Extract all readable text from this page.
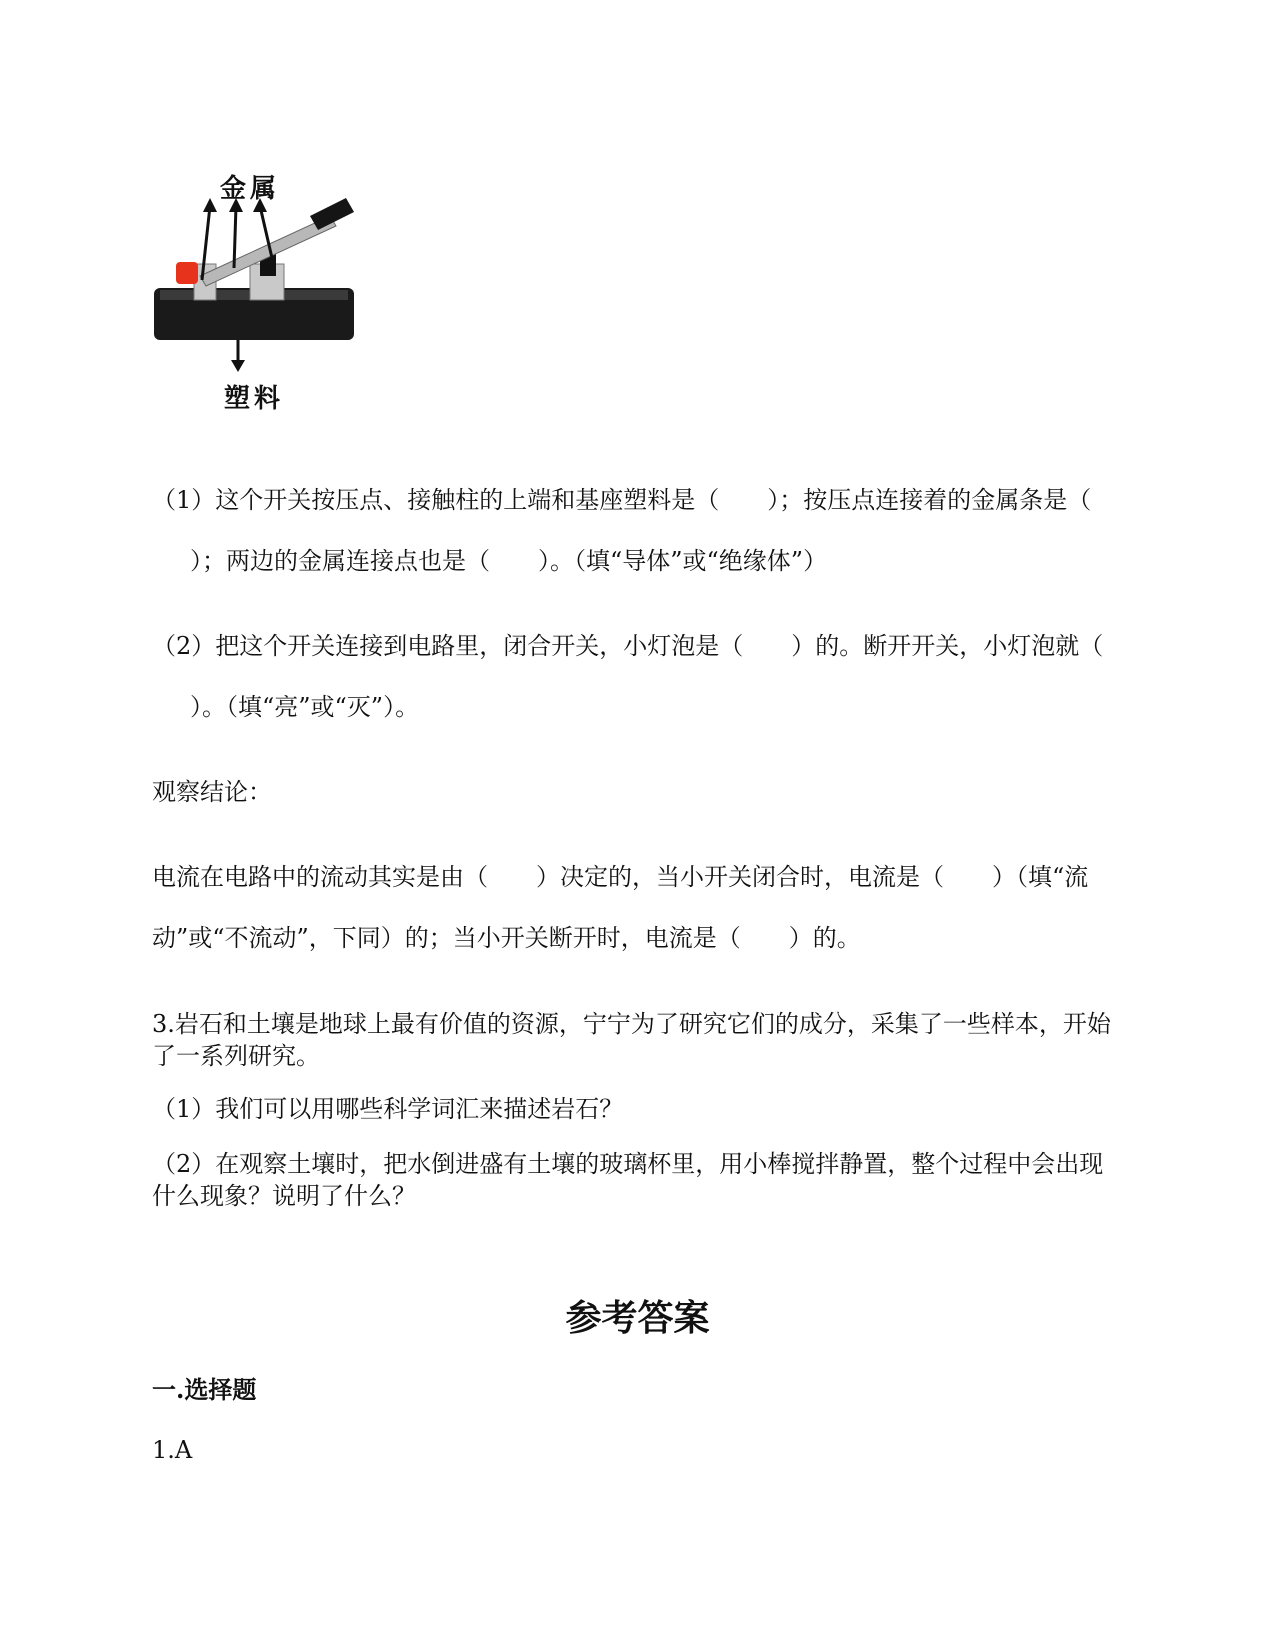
金属
塑料
（1）这个开关按压点、接触柱的上端和基座塑料是（　　）；按压点连接着的金属条是（
）；两边的金属连接点也是（　　）。（填“导体”或“绝缘体”）
（2）把这个开关连接到电路里，闭合开关，小灯泡是（　　）的。断开开关，小灯泡就（
）。（填“亮”或“灭”）。
观察结论：
电流在电路中的流动其实是由（　　）决定的，当小开关闭合时，电流是（　　）（填“流
动”或“不流动”，下同）的；当小开关断开时，电流是（　　）的。
3.岩石和土壤是地球上最有价值的资源，宁宁为了研究它们的成分，采集了一些样本，开始了一系列研究。
（1）我们可以用哪些科学词汇来描述岩石？
（2）在观察土壤时，把水倒进盛有土壤的玻璃杯里，用小棒搅拌静置，整个过程中会出现什么现象？说明了什么？
参考答案
一.选择题
1.A
